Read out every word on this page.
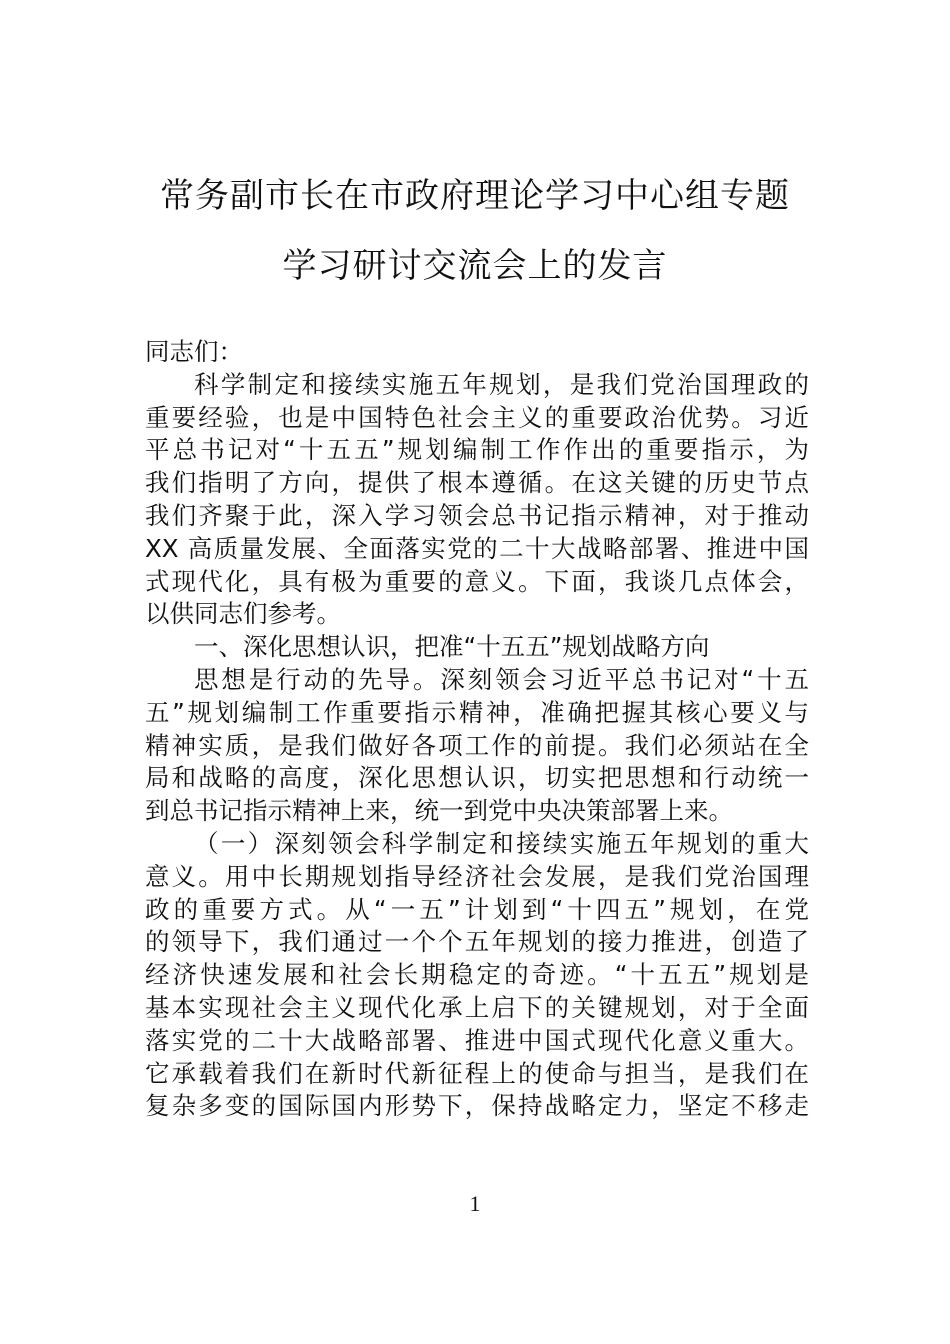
常务副市长在市政府理论学习中心组专题
学习研讨交流会上的发言
同志们：
科学制定和接续实施五年规划，是我们党治国理政的
重要经验，也是中国特色社会主义的重要政治优势。习近
平总书记对“十五五”规划编制工作作出的重要指示，为
我们指明了方向，提供了根本遵循。在这关键的历史节点
我们齐聚于此，深入学习领会总书记指示精神，对于推动
XX 高质量发展、全面落实党的二十大战略部署、推进中国
式现代化，具有极为重要的意义。下面，我谈几点体会，
以供同志们参考。
一、深化思想认识，把准“十五五”规划战略方向
思想是行动的先导。深刻领会习近平总书记对“十五
五”规划编制工作重要指示精神，准确把握其核心要义与
精神实质，是我们做好各项工作的前提。我们必须站在全
局和战略的高度，深化思想认识，切实把思想和行动统一
到总书记指示精神上来，统一到党中央决策部署上来。
（一）深刻领会科学制定和接续实施五年规划的重大
意义。用中长期规划指导经济社会发展，是我们党治国理
政的重要方式。从“一五”计划到“十四五”规划，在党
的领导下，我们通过一个个五年规划的接力推进，创造了
经济快速发展和社会长期稳定的奇迹。“十五五”规划是
基本实现社会主义现代化承上启下的关键规划，对于全面
落实党的二十大战略部署、推进中国式现代化意义重大。
它承载着我们在新时代新征程上的使命与担当，是我们在
复杂多变的国际国内形势下，保持战略定力，坚定不移走
1
